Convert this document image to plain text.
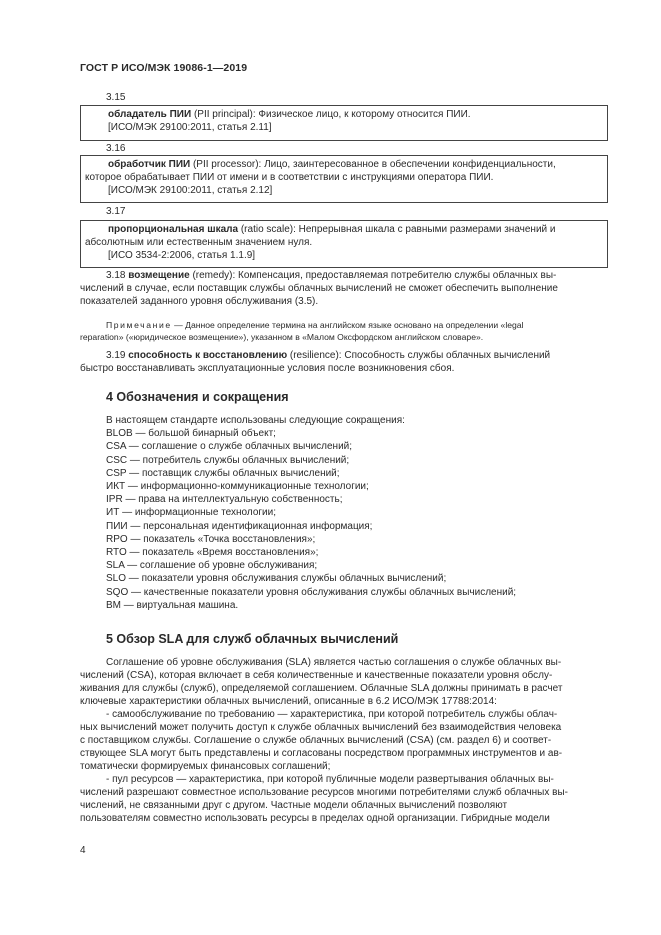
ГОСТ Р ИСО/МЭК 19086-1—2019
3.15
обладатель ПИИ (PII principal): Физическое лицо, к которому относится ПИИ.
[ИСО/МЭК 29100:2011, статья 2.11]
3.16
обработчик ПИИ (PII processor): Лицо, заинтересованное в обеспечении конфиденциальности,
которое обрабатывает ПИИ от имени и в соответствии с инструкциями оператора ПИИ.
[ИСО/МЭК 29100:2011, статья 2.12]
3.17
пропорциональная шкала (ratio scale): Непрерывная шкала с равными размерами значений и
абсолютным или естественным значением нуля.
[ИСО 3534-2:2006, статья 1.1.9]
3.18 возмещение (remedy): Компенсация, предоставляемая потребителю службы облачных вы-
числений в случае, если поставщик службы облачных вычислений не сможет обеспечить выполнение
показателей заданного уровня обслуживания (3.5).
Примечание — Данное определение термина на английском языке основано на определении «legal
reparation» («юридическое возмещение»), указанном в «Малом Оксфордском английском словаре».
3.19 способность к восстановлению (resilience): Способность службы облачных вычислений
быстро восстанавливать эксплуатационные условия после возникновения сбоя.
4 Обозначения и сокращения
В настоящем стандарте использованы следующие сокращения:
BLOB — большой бинарный объект;
CSA — соглашение о службе облачных вычислений;
CSC — потребитель службы облачных вычислений;
CSP — поставщик службы облачных вычислений;
ИКТ — информационно-коммуникационные технологии;
IPR — права на интеллектуальную собственность;
ИТ — информационные технологии;
ПИИ — персональная идентификационная информация;
RPO — показатель «Точка восстановления»;
RTO — показатель «Время восстановления»;
SLA — соглашение об уровне обслуживания;
SLO — показатели уровня обслуживания службы облачных вычислений;
SQO — качественные показатели уровня обслуживания службы облачных вычислений;
ВМ — виртуальная машина.
5 Обзор SLA для служб облачных вычислений
Соглашение об уровне обслуживания (SLA) является частью соглашения о службе облачных вы-
числений (CSA), которая включает в себя количественные и качественные показатели уровня обслу-
живания для службы (служб), определяемой соглашением. Облачные SLA должны принимать в расчет
ключевые характеристики облачных вычислений, описанные в 6.2 ИСО/МЭК 17788:2014:
- самообслуживание по требованию — характеристика, при которой потребитель службы облач-
ных вычислений может получить доступ к службе облачных вычислений без взаимодействия человека
с поставщиком службы. Соглашение о службе облачных вычислений (CSA) (см. раздел 6) и соответ-
ствующее SLA могут быть представлены и согласованы посредством программных инструментов и ав-
томатически формируемых финансовых соглашений;
- пул ресурсов — характеристика, при которой публичные модели развертывания облачных вы-
числений разрешают совместное использование ресурсов многими потребителями служб облачных вы-
числений, не связанными друг с другом. Частные модели облачных вычислений позволяют
пользователям совместно использовать ресурсы в пределах одной организации. Гибридные модели
4
